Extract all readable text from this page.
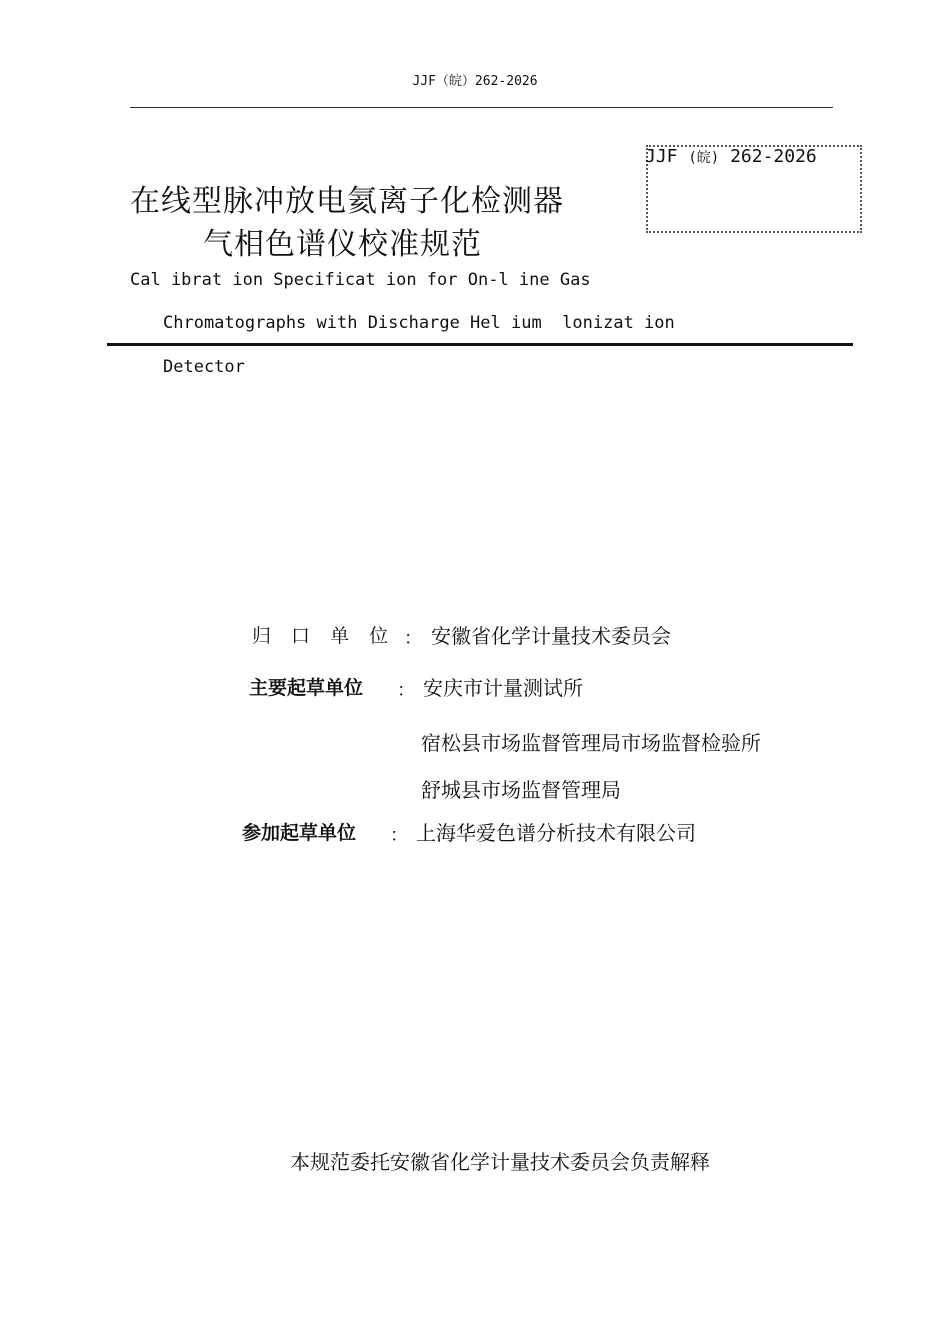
JJF（皖）262-2026
JJF (皖) 262-2026
在线型脉冲放电氦离子化检测器
气相色谱仪校准规范
Cal ibrat ion Specificat ion for On-l ine Gas
Chromatographs with Discharge Hel ium  lonizat ion
Detector
归 口 单 位 ： 安徽省化学计量技术委员会
主要起草单位 ： 安庆市计量测试所
宿松县市场监督管理局市场监督检验所
舒城县市场监督管理局
参加起草单位 ： 上海华爱色谱分析技术有限公司
本规范委托安徽省化学计量技术委员会负责解释
